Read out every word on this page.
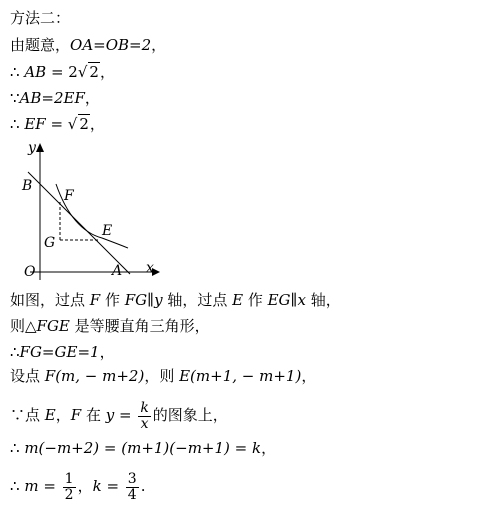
方法二：
由题意，OA=OB=2，
∴ AB = 2√ 2，
∵AB=2EF，
∴ EF = √ 2，
y
x
O	A
B
F
G
E
如图，过点 F 作 FG∥y 轴，过点 E 作 EG∥x 轴，
则△FGE 是等腰直角三角形，
∴FG=GE=1，
设点 F(m, − m+2)，则 E(m+1, − m+1)，
∵点 E，F 在 $y = \frac{k}{x}$ 的图象上，
∴ m(−m+2) = (m+1)(−m+1) = k，
∴ $m = \frac{1}{2}$ ，$k = \frac{3}{4}$ .
